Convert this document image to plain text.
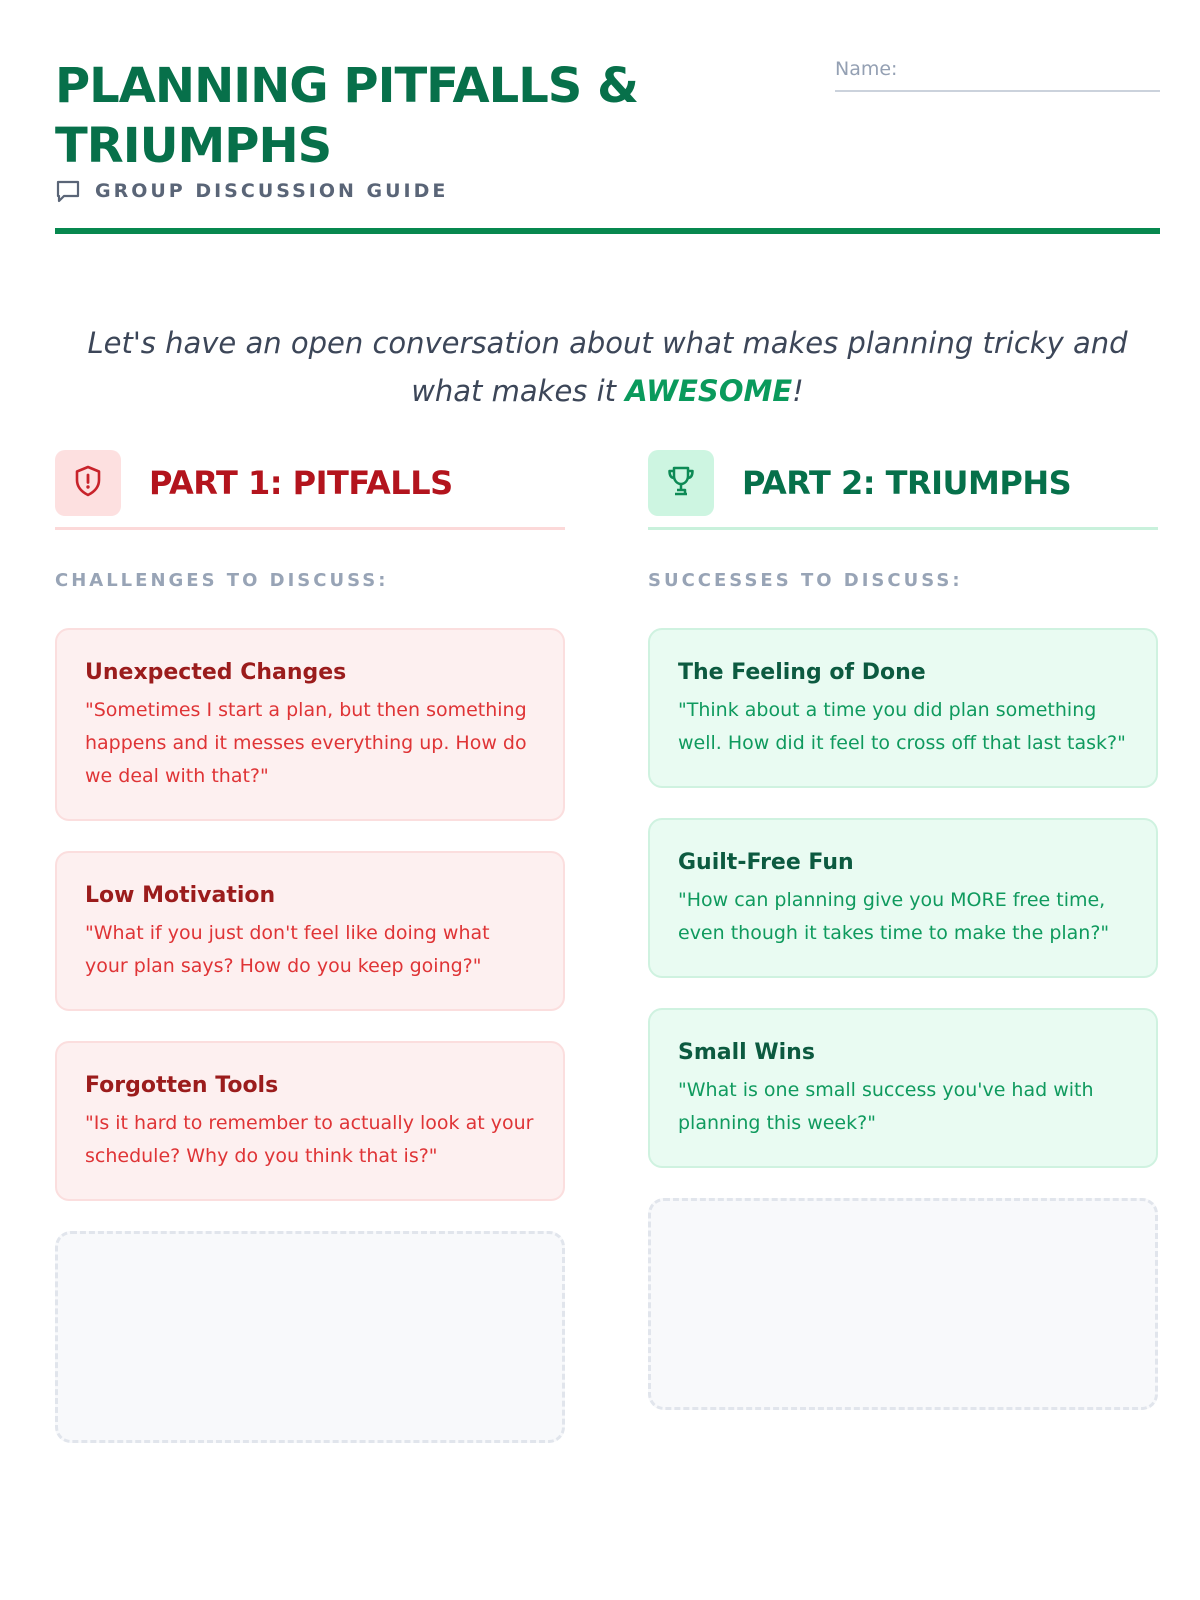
PLANNING PITFALLS & TRIUMPHS
GROUP DISCUSSION GUIDE
Name:

Let's have an open conversation about what makes planning tricky and what makes it AWESOME!

PART 1: PITFALLS
CHALLENGES TO DISCUSS:
Unexpected Changes
"Sometimes I start a plan, but then something happens and it messes everything up. How do we deal with that?"
Low Motivation
"What if you just don't feel like doing what your plan says? How do you keep going?"
Forgotten Tools
"Is it hard to remember to actually look at your schedule? Why do you think that is?"
PART 2: TRIUMPHS
SUCCESSES TO DISCUSS:
The Feeling of Done
"Think about a time you did plan something well. How did it feel to cross off that last task?"
Guilt-Free Fun
"How can planning give you MORE free time, even though it takes time to make the plan?"
Small Wins
"What is one small success you've had with planning this week?"
